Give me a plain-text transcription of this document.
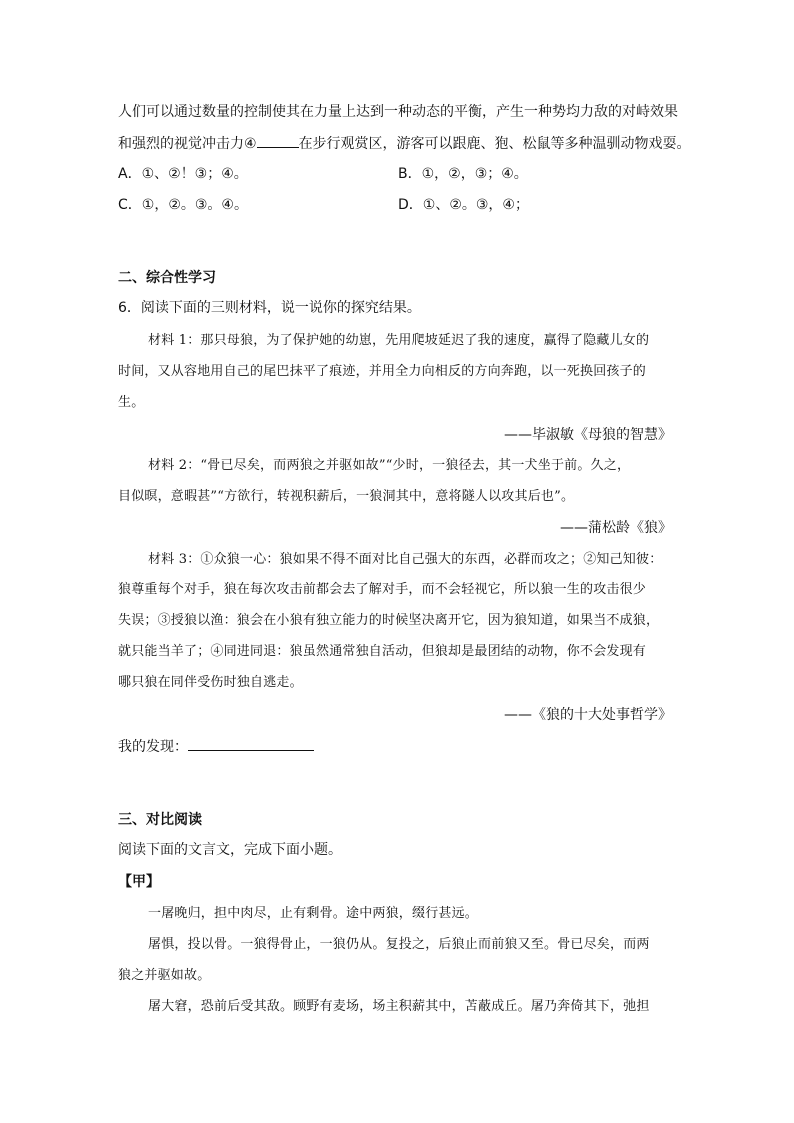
人们可以通过数量的控制使其在力量上达到一种动态的平衡，产生一种势均力敌的对峙效果
和强烈的视觉冲击力④	在步行观赏区，游客可以跟鹿、狍、松鼠等多种温驯动物戏耍。
A．①、②！③；④。	B．①，②，③；④。
C．①，②。③。④。	D．①、②。③，④；
二、综合性学习
6．阅读下面的三则材料，说一说你的探究结果。
材料 1：那只母狼，为了保护她的幼崽，先用爬坡延迟了我的速度，赢得了隐藏儿女的
时间，又从容地用自己的尾巴抹平了痕迹，并用全力向相反的方向奔跑，以一死换回孩子的
生。
——毕淑敏《母狼的智慧》
材料 2：“骨已尽矣，而两狼之并驱如故”“少时，一狼径去，其一犬坐于前。久之，
目似暝，意暇甚”“方欲行，转视积薪后，一狼洞其中，意将隧人以攻其后也”。
——蒲松龄《狼》
材料 3：①众狼一心：狼如果不得不面对比自己强大的东西，必群而攻之；②知己知彼：
狼尊重每个对手，狼在每次攻击前都会去了解对手，而不会轻视它，所以狼一生的攻击很少
失误；③授狼以渔：狼会在小狼有独立能力的时候坚决离开它，因为狼知道，如果当不成狼，
就只能当羊了；④同进同退：狼虽然通常独自活动，但狼却是最团结的动物，你不会发现有
哪只狼在同伴受伤时独自逃走。
——《狼的十大处事哲学》
我的发现：
三、对比阅读
阅读下面的文言文，完成下面小题。
【甲】
一屠晚归，担中肉尽，止有剩骨。途中两狼，缀行甚远。
屠惧，投以骨。一狼得骨止，一狼仍从。复投之，后狼止而前狼又至。骨已尽矣，而两
狼之并驱如故。
屠大窘，恐前后受其敌。顾野有麦场，场主积薪其中，苫蔽成丘。屠乃奔倚其下，弛担
